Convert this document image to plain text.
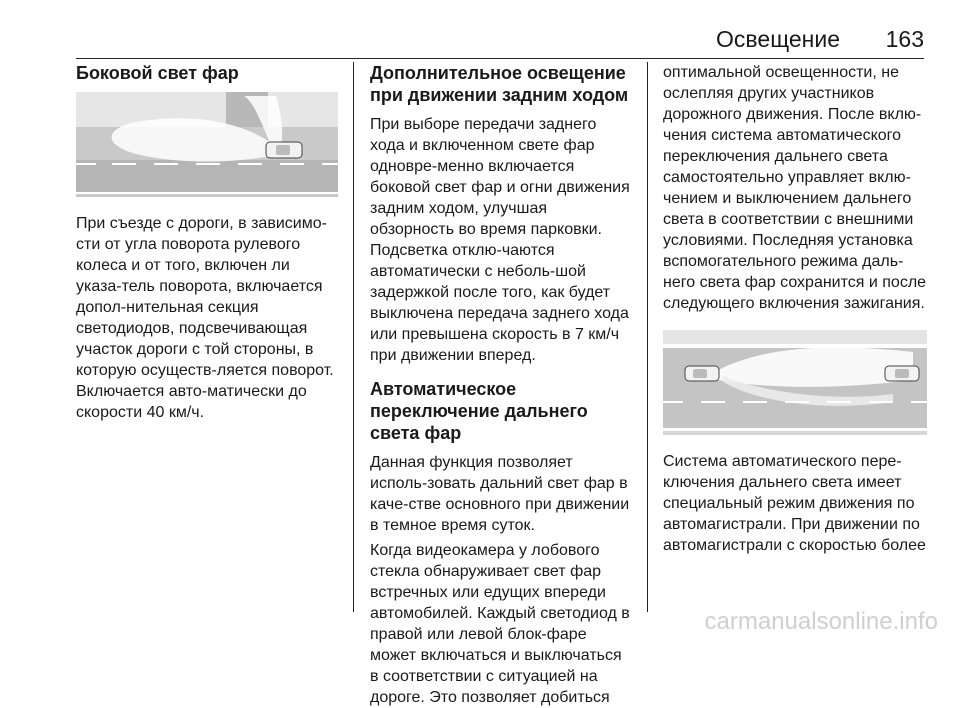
Освещение 163
Боковой свет фар

При съезде с дороги, в зависимо-сти от угла поворота рулевого колеса и от того, включен ли указа-тель поворота, включается допол-нительная секция светодиодов, подсвечивающая участок дороги с той стороны, в которую осуществ-ляется поворот. Включается авто-матически до скорости 40 км/ч.

Дополнительное освещение при движении задним ходом

При выборе передачи заднего хода и включенном свете фар одновре-менно включается боковой свет фар и огни движения задним ходом, улучшая обзорность во время парковки. Подсветка отклю-чаются автоматически с неболь-шой задержкой после того, как будет выключена передача заднего хода или превышена скорость в 7 км/ч при движении вперед.

Автоматическое переключение дальнего света фар

Данная функция позволяет исполь-зовать дальний свет фар в каче-стве основного при движении в темное время суток.

Когда видеокамера у лобового стекла обнаруживает свет фар встречных или едущих впереди автомобилей. Каждый светодиод в правой или левой блок-фаре может включаться и выключаться в соответствии с ситуацией на дороге. Это позволяет добиться

оптимальной освещенности, не ослепляя других участников дорожного движения. После вклю-чения система автоматического переключения дальнего света самостоятельно управляет вклю-чением и выключением дальнего света в соответствии с внешними условиями. Последняя установка вспомогательного режима даль-него света фар сохранится и после следующего включения зажигания.

Система автоматического пере-ключения дальнего света имеет специальный режим движения по автомагистрали. При движении по автомагистрали с скоростью более

carmanualsonline.info
